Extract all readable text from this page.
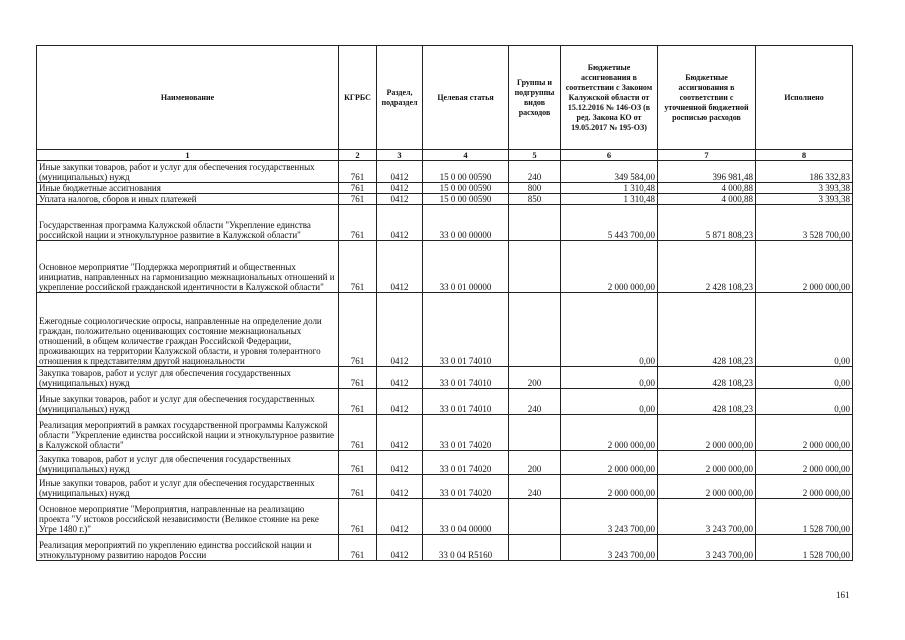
Наименование	КГРБС	Раздел, подраздел	Целевая статья	Группы и подгруппы видов расходов	Бюджетные ассигнования в соответствии с Законом Калужской области от 15.12.2016 № 146-ОЗ (в ред. Закона КО от 19.05.2017 № 195-ОЗ)	Бюджетные ассигнования в соответствии с уточненной бюджетной росписью расходов	Исполнено
1	2	3	4	5	6	7	8
Иные закупки товаров, работ и услуг для обеспечения государственных (муниципальных) нужд	761	0412	15 0 00 00590	240	349 584,00	396 981,48	186 332,83
Иные бюджетные ассигнования	761	0412	15 0 00 00590	800	1 310,48	4 000,88	3 393,38
Уплата налогов, сборов и иных платежей	761	0412	15 0 00 00590	850	1 310,48	4 000,88	3 393,38
Государственная программа Калужской области "Укрепление единства российской нации и этнокультурное развитие в Калужской области"	761	0412	33 0 00 00000		5 443 700,00	5 871 808,23	3 528 700,00
Основное мероприятие "Поддержка мероприятий и общественных инициатив, направленных на гармонизацию межнациональных отношений и укрепление российской гражданской идентичности в Калужской области"	761	0412	33 0 01 00000		2 000 000,00	2 428 108,23	2 000 000,00
Ежегодные социологические опросы, направленные на определение доли граждан, положительно оценивающих состояние межнациональных отношений, в общем количестве граждан Российской Федерации, проживающих на территории Калужской области, и уровня толерантного отношения к представителям другой национальности	761	0412	33 0 01 74010		0,00	428 108,23	0,00
Закупка товаров, работ и услуг для обеспечения государственных (муниципальных) нужд	761	0412	33 0 01 74010	200	0,00	428 108,23	0,00
Иные закупки товаров, работ и услуг для обеспечения государственных (муниципальных) нужд	761	0412	33 0 01 74010	240	0,00	428 108,23	0,00
Реализация мероприятий в рамках государственной программы Калужской области "Укрепление единства российской нации и этнокультурное развитие в Калужской области"	761	0412	33 0 01 74020		2 000 000,00	2 000 000,00	2 000 000,00
Закупка товаров, работ и услуг для обеспечения государственных (муниципальных) нужд	761	0412	33 0 01 74020	200	2 000 000,00	2 000 000,00	2 000 000,00
Иные закупки товаров, работ и услуг для обеспечения государственных (муниципальных) нужд	761	0412	33 0 01 74020	240	2 000 000,00	2 000 000,00	2 000 000,00
Основное мероприятие "Мероприятия, направленные на реализацию проекта "У истоков российской независимости (Великое стояние на реке Угре 1480 г.)"	761	0412	33 0 04 00000		3 243 700,00	3 243 700,00	1 528 700,00
Реализация мероприятий по укреплению единства российской нации и этнокультурному развитию народов России	761	0412	33 0 04 R5160		3 243 700,00	3 243 700,00	1 528 700,00
161
